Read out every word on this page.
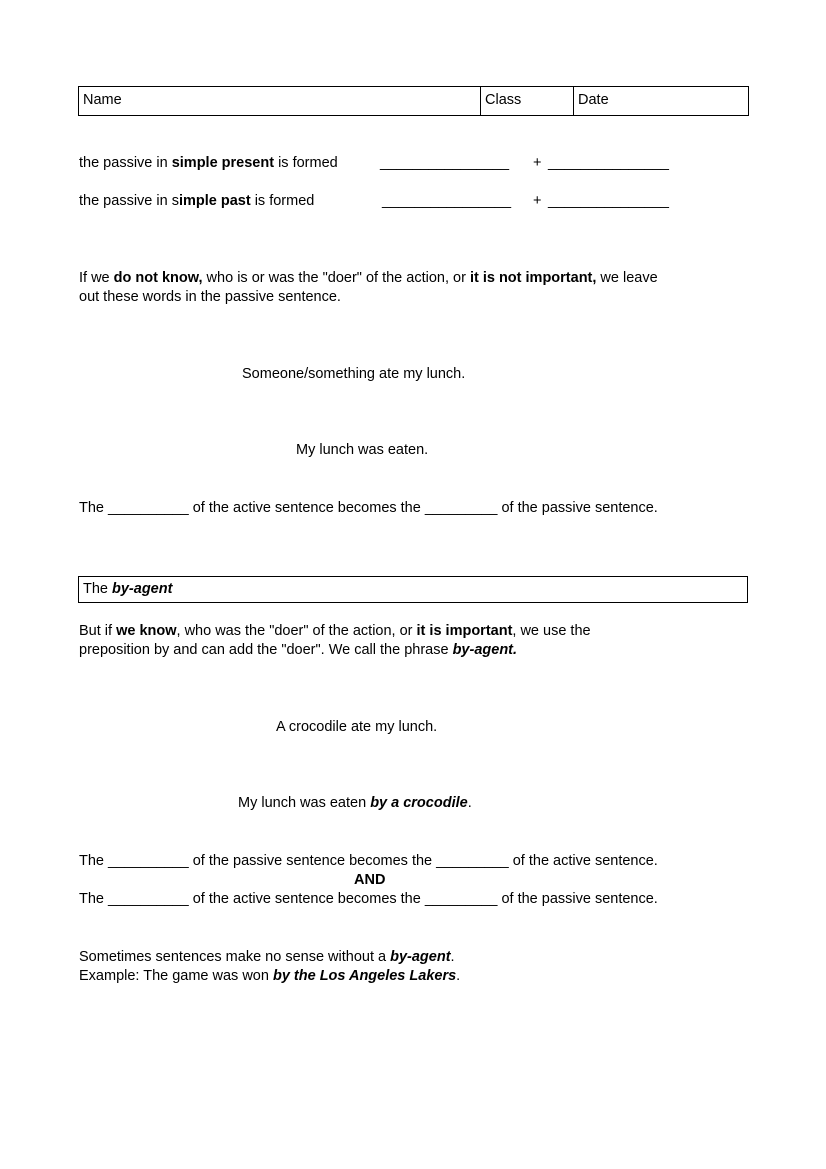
Name	Class	Date
the passive in simple present is formed	________________ + _______________
the passive in simple past is formed	________________ + _______________
If we do not know, who is or was the "doer" of the action, or it is not important, we leave
out these words in the passive sentence.
Someone/something ate my lunch.
My lunch was eaten.
The __________ of the active sentence becomes the _________ of the passive sentence.
The by-agent
But if we know, who was the "doer" of the action, or it is important, we use the
preposition by and can add the "doer". We call the phrase by-agent.
A crocodile ate my lunch.
My lunch was eaten by a crocodile.
The __________ of the passive sentence becomes the _________ of the active sentence.
AND
The __________ of the active sentence becomes the _________ of the passive sentence.
Sometimes sentences make no sense without a by-agent.
Example: The game was won by the Los Angeles Lakers.
